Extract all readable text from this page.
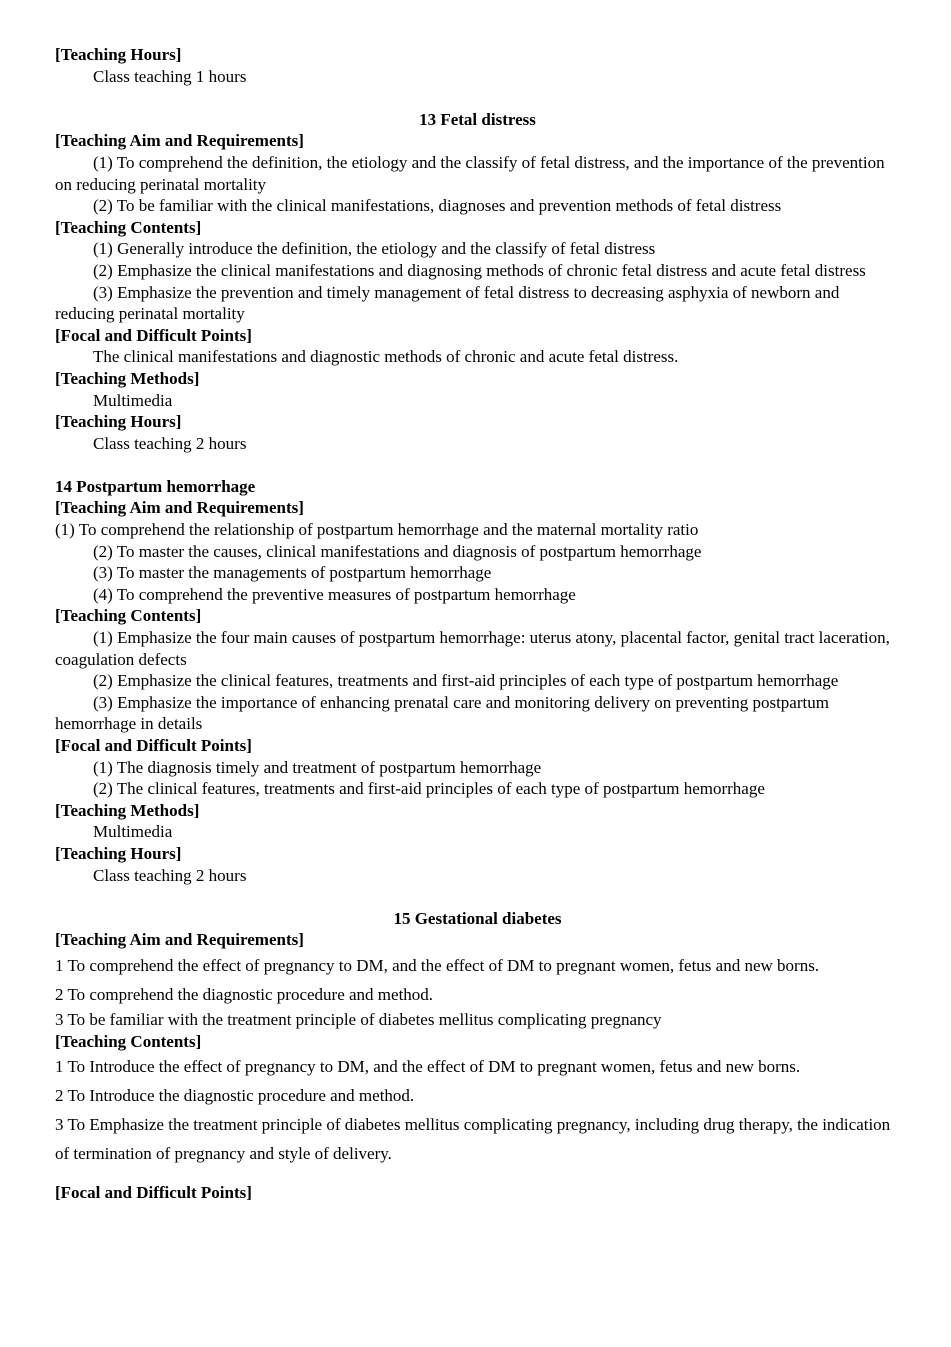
[Teaching Hours]

Class teaching 1 hours

13 Fetal distress

[Teaching Aim and Requirements]

(1) To comprehend the definition, the etiology and the classify of fetal distress, and the importance of the prevention on reducing perinatal mortality

(2) To be familiar with the clinical manifestations, diagnoses and prevention methods of fetal distress

[Teaching Contents]

(1) Generally introduce the definition, the etiology and the classify of fetal distress

(2) Emphasize the clinical manifestations and diagnosing methods of chronic fetal distress and acute fetal distress

(3) Emphasize the prevention and timely management of fetal distress to decreasing asphyxia of newborn and reducing perinatal mortality

[Focal and Difficult Points]

The clinical manifestations and diagnostic methods of chronic and acute fetal distress.

[Teaching Methods]

Multimedia

[Teaching Hours]

Class teaching 2 hours

14 Postpartum hemorrhage

[Teaching Aim and Requirements]

(1) To comprehend the relationship of postpartum hemorrhage and the maternal mortality ratio

(2) To master the causes, clinical manifestations and diagnosis of postpartum hemorrhage

(3) To master the managements of postpartum hemorrhage

(4) To comprehend the preventive measures of postpartum hemorrhage

[Teaching Contents]

(1) Emphasize the four main causes of postpartum hemorrhage: uterus atony, placental factor, genital tract laceration, coagulation defects

(2) Emphasize the clinical features, treatments and first-aid principles of each type of postpartum hemorrhage

(3) Emphasize the importance of enhancing prenatal care and monitoring delivery on preventing postpartum hemorrhage in details

[Focal and Difficult Points]

(1) The diagnosis timely and treatment of postpartum hemorrhage

(2) The clinical features, treatments and first-aid principles of each type of postpartum hemorrhage

[Teaching Methods]

Multimedia

[Teaching Hours]

Class teaching 2 hours

15 Gestational diabetes

[Teaching Aim and Requirements]

1 To comprehend the effect of pregnancy to DM, and the effect of DM to pregnant women, fetus and new borns.

2 To comprehend the diagnostic procedure and method.

3 To be familiar with the treatment principle of diabetes mellitus complicating pregnancy

[Teaching Contents]

1 To Introduce the effect of pregnancy to DM, and the effect of DM to pregnant women, fetus and new borns.

2 To Introduce the diagnostic procedure and method.

3 To Emphasize the treatment principle of diabetes mellitus complicating pregnancy, including drug therapy, the indication of termination of pregnancy and style of delivery.

[Focal and Difficult Points]
